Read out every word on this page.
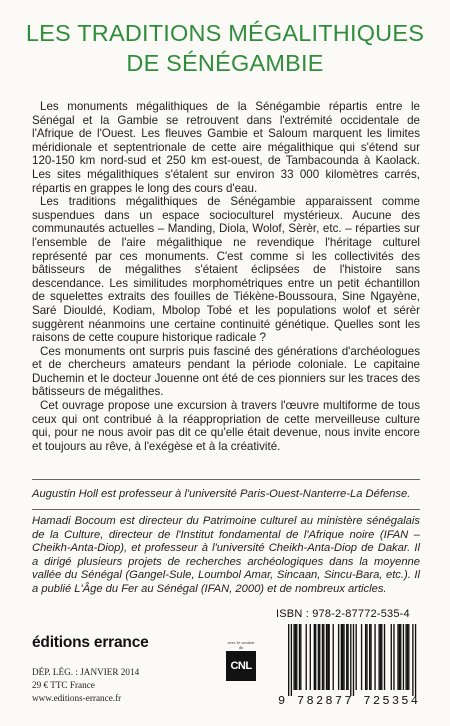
LES TRADITIONS MÉGALITHIQUES
DE SÉNÉGAMBIE

Les monuments mégalithiques de la Sénégambie répartis entre le Sénégal et la Gambie se retrouvent dans l'extrémité occidentale de l'Afrique de l'Ouest. Les fleuves Gambie et Saloum marquent les limites méridionale et septentrionale de cette aire mégalithique qui s'étend sur 120-150 km nord-sud et 250 km est-ouest, de Tambacounda à Kaolack. Les sites mégalithiques s'étalent sur environ 33 000 kilomètres carrés, répartis en grappes le long des cours d'eau.

Les traditions mégalithiques de Sénégambie apparaissent comme suspendues dans un espace socioculturel mystérieux. Aucune des communautés actuelles – Manding, Diola, Wolof, Sèrèr, etc. – réparties sur l'ensemble de l'aire mégalithique ne revendique l'héritage culturel représenté par ces monuments. C'est comme si les collectivités des bâtisseurs de mégalithes s'étaient éclipsées de l'histoire sans descendance. Les similitudes morphométriques entre un petit échantillon de squelettes extraits des fouilles de Tiékène-Boussoura, Sine Ngayène, Saré Diouldé, Kodiam, Mbolop Tobé et les populations wolof et sérèr suggèrent néanmoins une certaine continuité génétique. Quelles sont les raisons de cette coupure historique radicale ?

Ces monuments ont surpris puis fasciné des générations d'archéologues et de chercheurs amateurs pendant la période coloniale. Le capitaine Duchemin et le docteur Jouenne ont été de ces pionniers sur les traces des bâtisseurs de mégalithes.

Cet ouvrage propose une excursion à travers l'œuvre multiforme de tous ceux qui ont contribué à la réappropriation de cette merveilleuse culture qui, pour ne nous avoir pas dit ce qu'elle était devenue, nous invite encore et toujours au rêve, à l'exégèse et à la créativité.

Augustin Holl est professeur à l'université Paris-Ouest-Nanterre-La Défense.
Hamadi Bocoum est directeur du Patrimoine culturel au ministère sénégalais de la Culture, directeur de l'Institut fondamental de l'Afrique noire (IFAN – Cheikh-Anta-Diop), et professeur à l'université Cheikh-Anta-Diop de Dakar. Il a dirigé plusieurs projets de recherches archéologiques dans la moyenne vallée du Sénégal (Gangel-Sule, Loumbol Amar, Sincaan, Sincu-Bara, etc.). Il a publié L'Âge du Fer au Sénégal (IFAN, 2000) et de nombreux articles.
ISBN : 978-2-87772-535-4
éditions errance
DÉP. LÉG. : JANVIER 2014
29 € TTC France
www.editions-errance.fr
avec le soutien du
CNL
9 782877 725354
